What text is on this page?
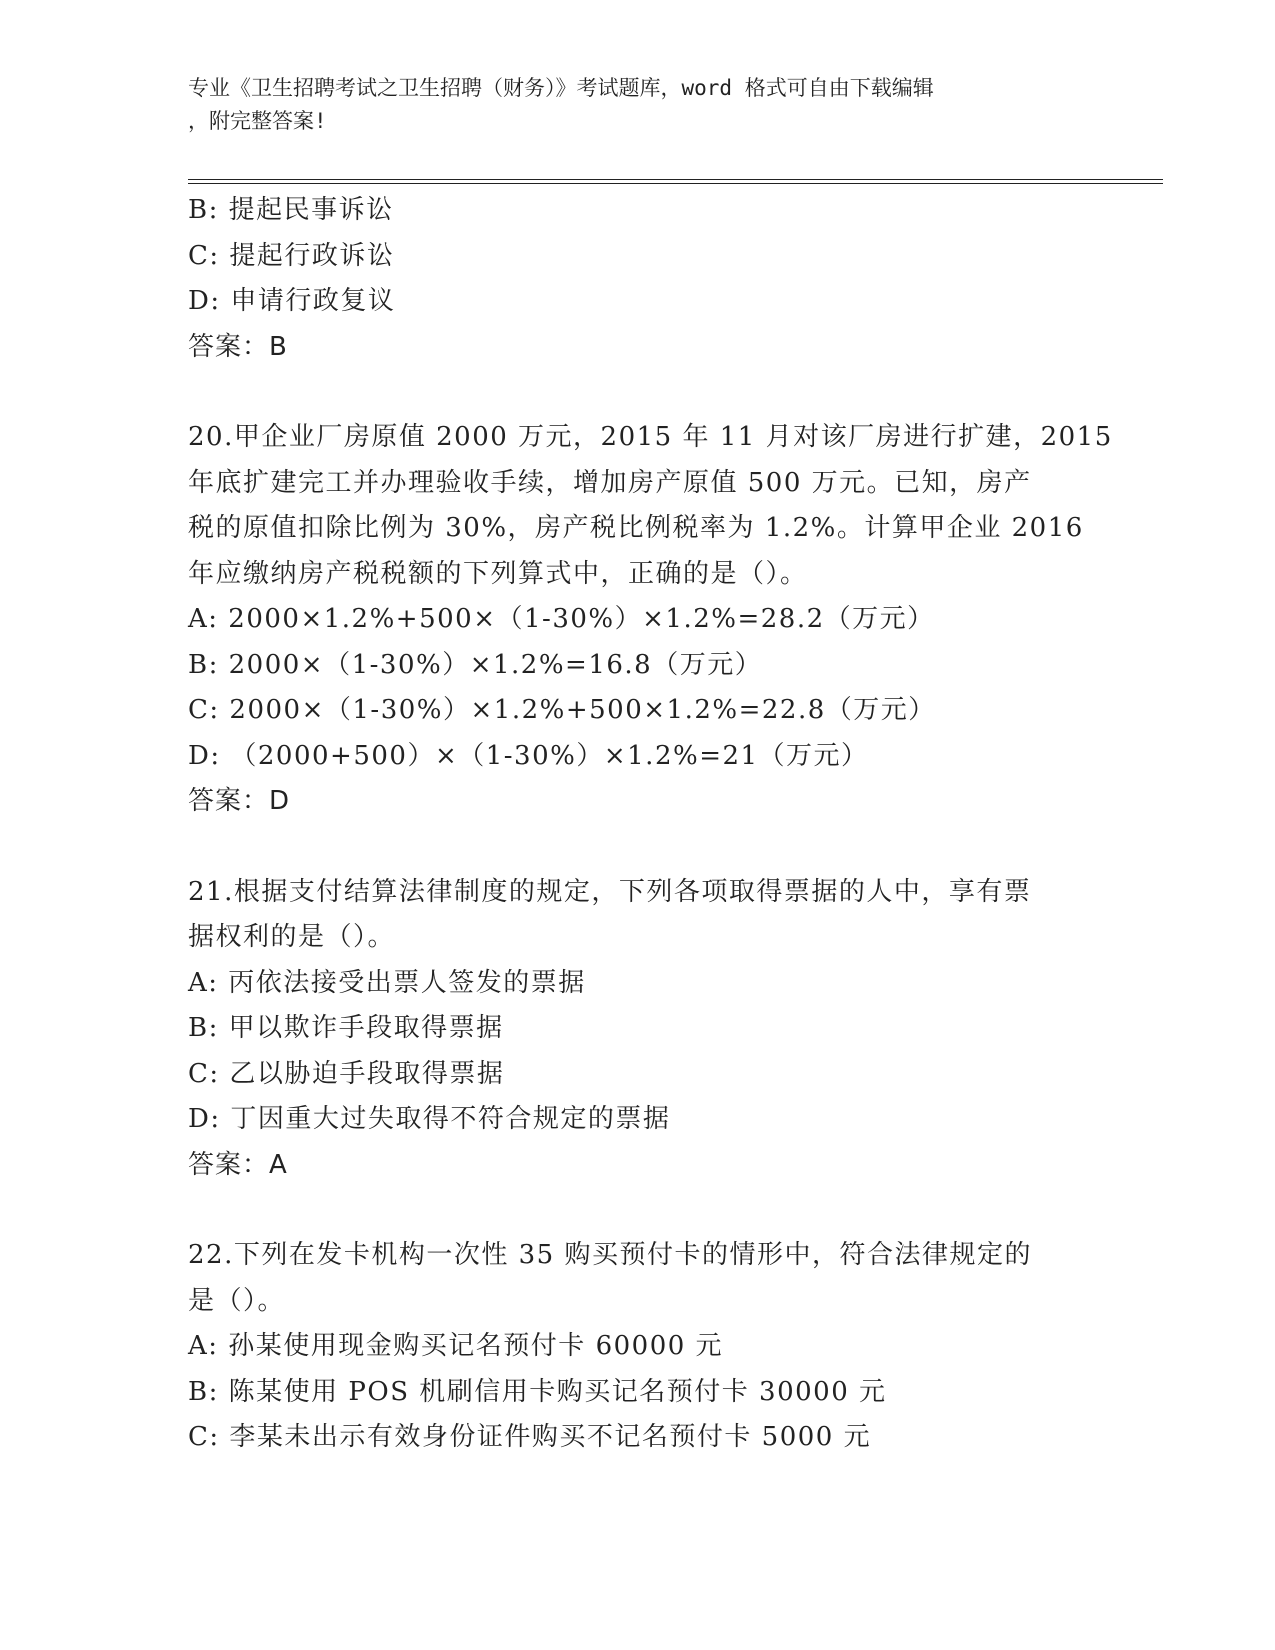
专业《卫生招聘考试之卫生招聘（财务）》考试题库，word 格式可自由下载编辑
，附完整答案!
B: 提起民事诉讼
C: 提起行政诉讼
D: 申请行政复议
答案：B
20.甲企业厂房原值 2000 万元，2015 年 11 月对该厂房进行扩建，2015
年底扩建完工并办理验收手续，增加房产原值 500 万元。已知，房产
税的原值扣除比例为 30%，房产税比例税率为 1.2%。计算甲企业 2016
年应缴纳房产税税额的下列算式中，正确的是（）。
A: 2000×1.2%+500×（1-30%）×1.2%=28.2（万元）
B: 2000×（1-30%）×1.2%=16.8（万元）
C: 2000×（1-30%）×1.2%+500×1.2%=22.8（万元）
D: （2000+500）×（1-30%）×1.2%=21（万元）
答案：D
21.根据支付结算法律制度的规定，下列各项取得票据的人中，享有票
据权利的是（）。
A: 丙依法接受出票人签发的票据
B: 甲以欺诈手段取得票据
C: 乙以胁迫手段取得票据
D: 丁因重大过失取得不符合规定的票据
答案：A
22.下列在发卡机构一次性 35 购买预付卡的情形中，符合法律规定的
是（）。
A: 孙某使用现金购买记名预付卡 60000 元
B: 陈某使用 POS 机刷信用卡购买记名预付卡 30000 元
C: 李某未出示有效身份证件购买不记名预付卡 5000 元
